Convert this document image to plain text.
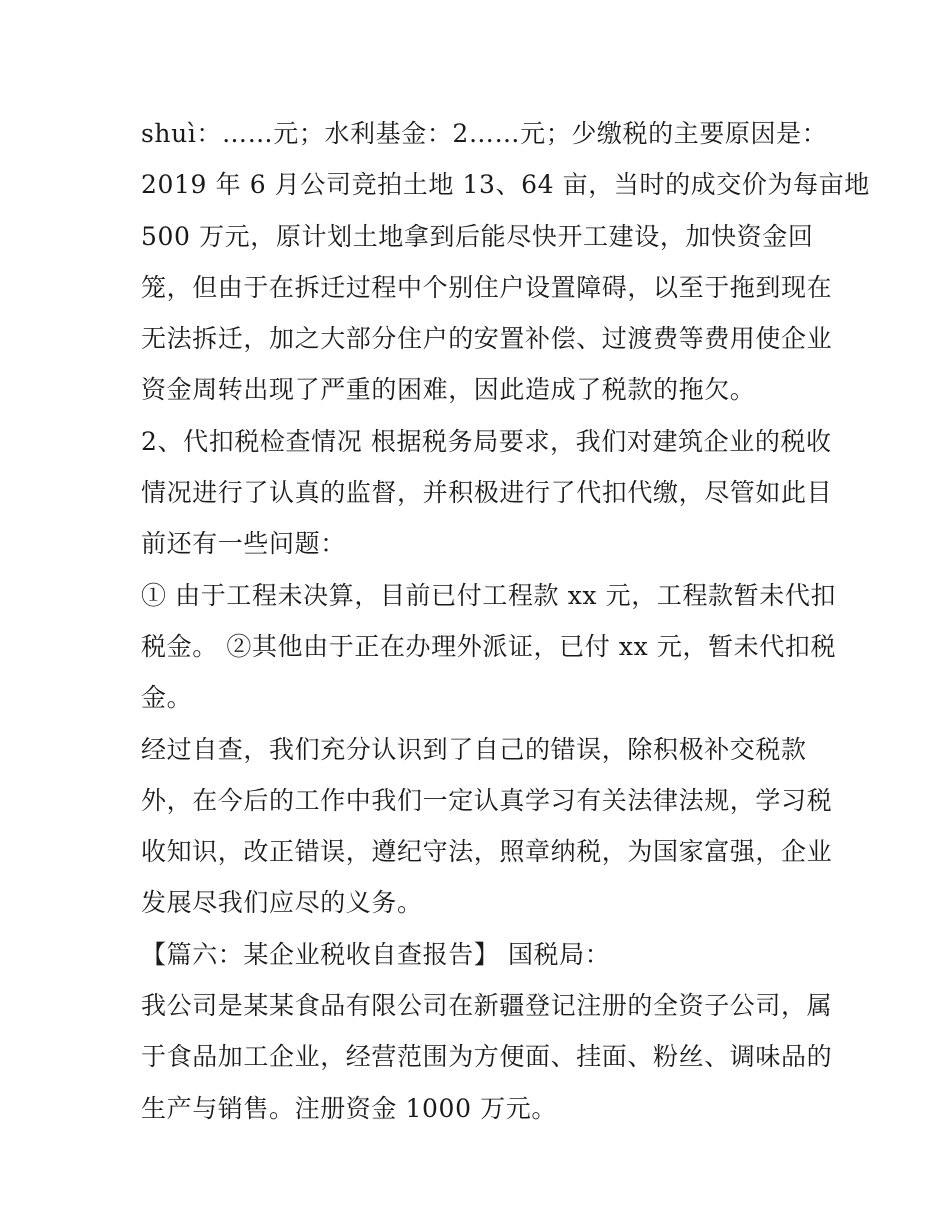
shuì：……元；水利基金：2……元；少缴税的主要原因是：
2019 年 6 月公司竞拍土地 13、64 亩，当时的成交价为每亩地
500 万元，原计划土地拿到后能尽快开工建设，加快资金回
笼，但由于在拆迁过程中个别住户设置障碍，以至于拖到现在
无法拆迁，加之大部分住户的安置补偿、过渡费等费用使企业
资金周转出现了严重的困难，因此造成了税款的拖欠。
2、代扣税检查情况 根据税务局要求，我们对建筑企业的税收
情况进行了认真的监督，并积极进行了代扣代缴，尽管如此目
前还有一些问题：
① 由于工程未决算，目前已付工程款 xx 元，工程款暂未代扣
税金。 ②其他由于正在办理外派证，已付 xx 元，暂未代扣税
金。
经过自查，我们充分认识到了自己的错误，除积极补交税款
外，在今后的工作中我们一定认真学习有关法律法规，学习税
收知识，改正错误，遵纪守法，照章纳税，为国家富强，企业
发展尽我们应尽的义务。
【篇六：某企业税收自查报告】 国税局：
我公司是某某食品有限公司在新疆登记注册的全资子公司，属
于食品加工企业，经营范围为方便面、挂面、粉丝、调味品的
生产与销售。注册资金 1000 万元。
